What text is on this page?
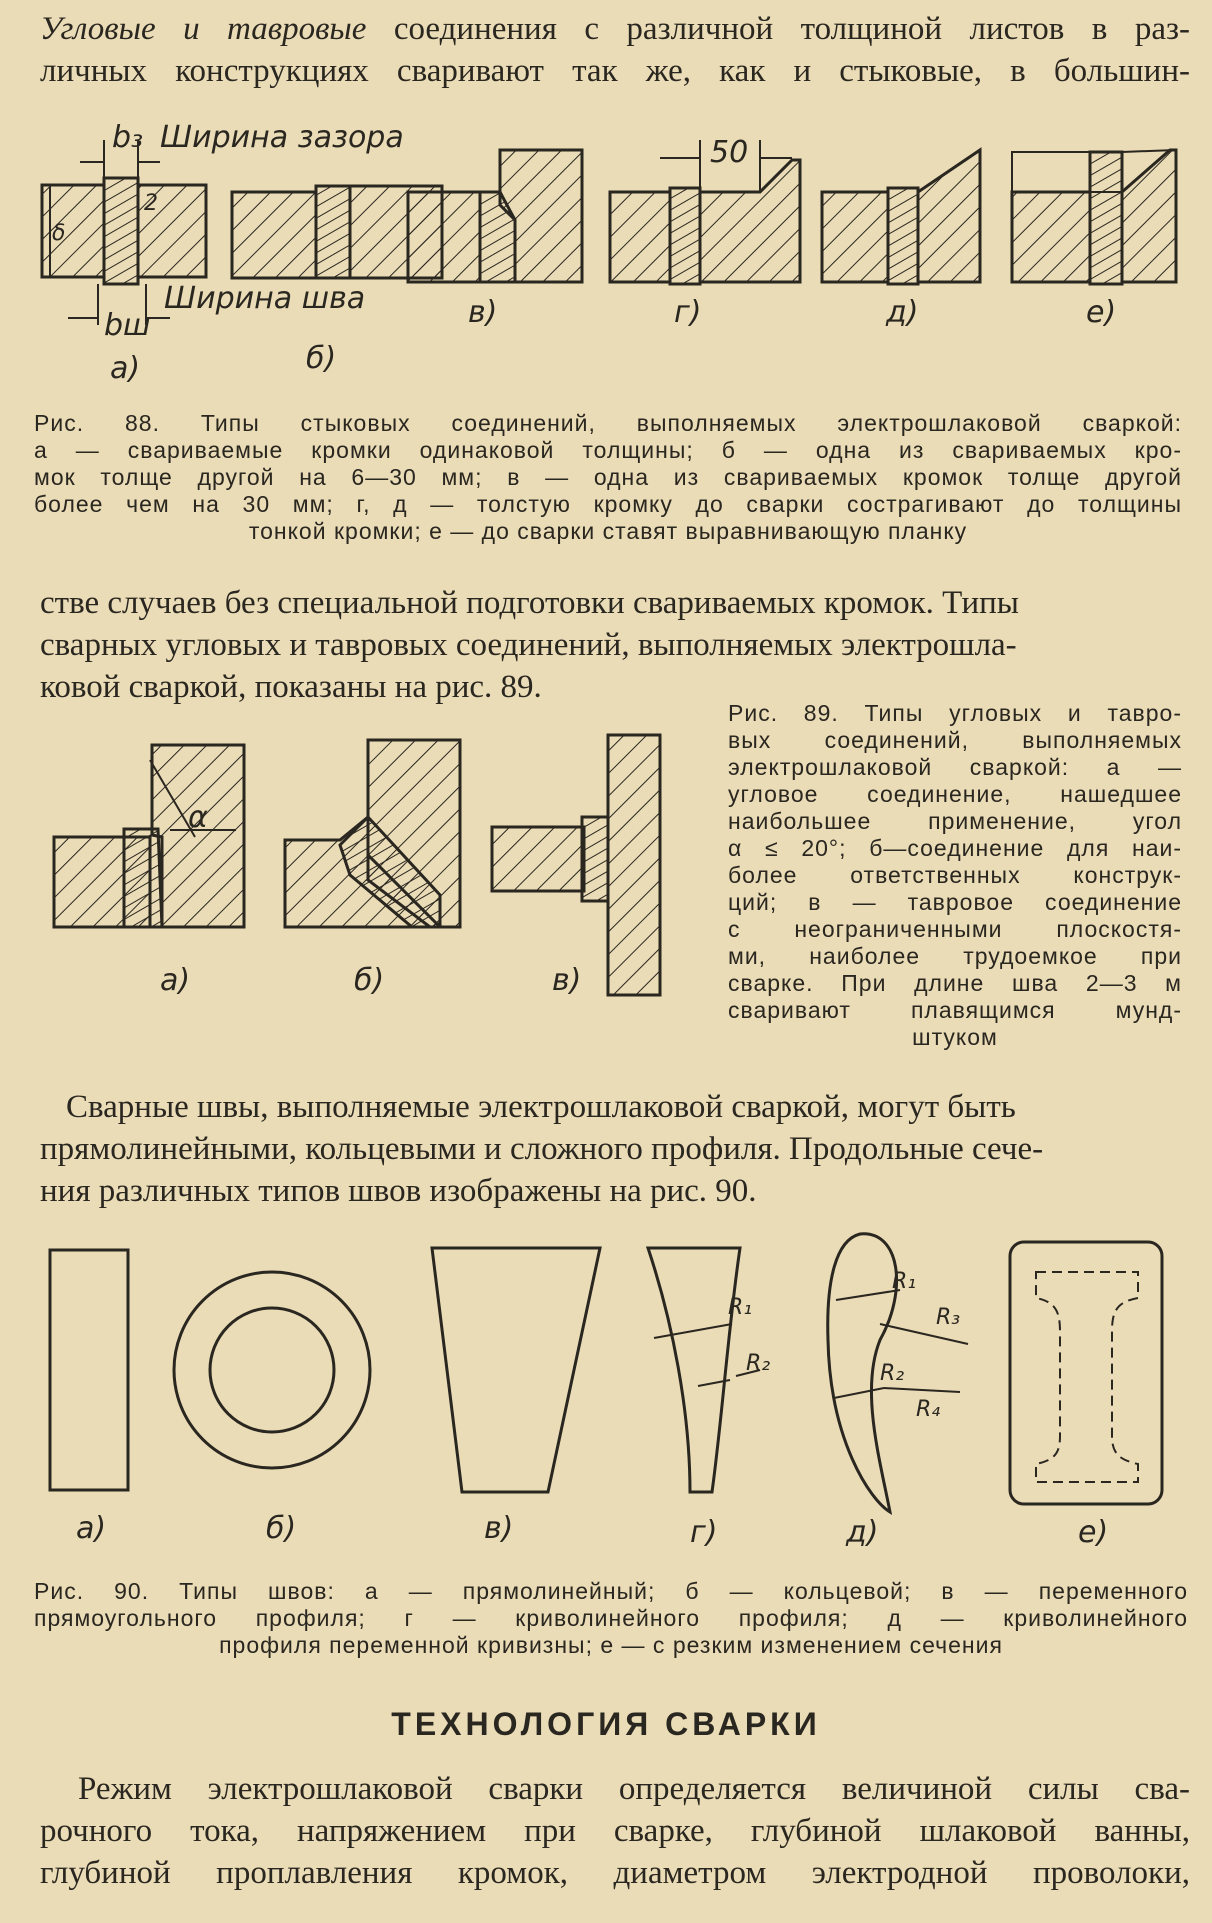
Угловые и тавровые соединения с различной толщиной листов в раз-
личных конструкциях сваривают так же, как и стыковые, в большин-
b₃ Ширина зазора
2
δ
Ширина шва
bш
50
а)	б)
в)	г)	д)	е)
Рис. 88. Типы стыковых соединений, выполняемых электрошлаковой сваркой:
а — свариваемые кромки одинаковой толщины; б — одна из свариваемых кро-
мок толще другой на 6—30 мм; в — одна из свариваемых кромок толще другой
более чем на 30 мм; г, д — толстую кромку до сварки сострагивают до толщины
тонкой кромки; е — до сварки ставят выравнивающую планку
стве случаев без специальной подготовки свариваемых кромок. Типы
сварных угловых и тавровых соединений, выполняемых электрошла-
ковой сваркой, показаны на рис. 89.
α
а)	б)	в)
Рис. 89. Типы угловых и тавро-
вых соединений, выполняемых
электрошлаковой сваркой: а —
угловое соединение, нашедшее
наибольшее применение, угол
α ≤ 20°; б—соединение для наи-
более ответственных конструк-
ций; в — тавровое соединение
с неограниченными плоскостя-
ми, наиболее трудоемкое при
сварке. При длине шва 2—3 м
сваривают плавящимся мунд-
штуком
Сварные швы, выполняемые электрошлаковой сваркой, могут быть
прямолинейными, кольцевыми и сложного профиля. Продольные сече-
ния различных типов швов изображены на рис. 90.
R₁
R₂
R₁
R₃
R₂
R₄
а)	б)	в)	г)	д)	е)
Рис. 90. Типы швов: а — прямолинейный; б — кольцевой; в — переменного
прямоугольного профиля; г — криволинейного профиля; д — криволинейного
профиля переменной кривизны; е — с резким изменением сечения
ТЕХНОЛОГИЯ СВАРКИ
Режим электрошлаковой сварки определяется величиной силы сва-
рочного тока, напряжением при сварке, глубиной шлаковой ванны,
глубиной проплавления кромок, диаметром электродной проволоки,
